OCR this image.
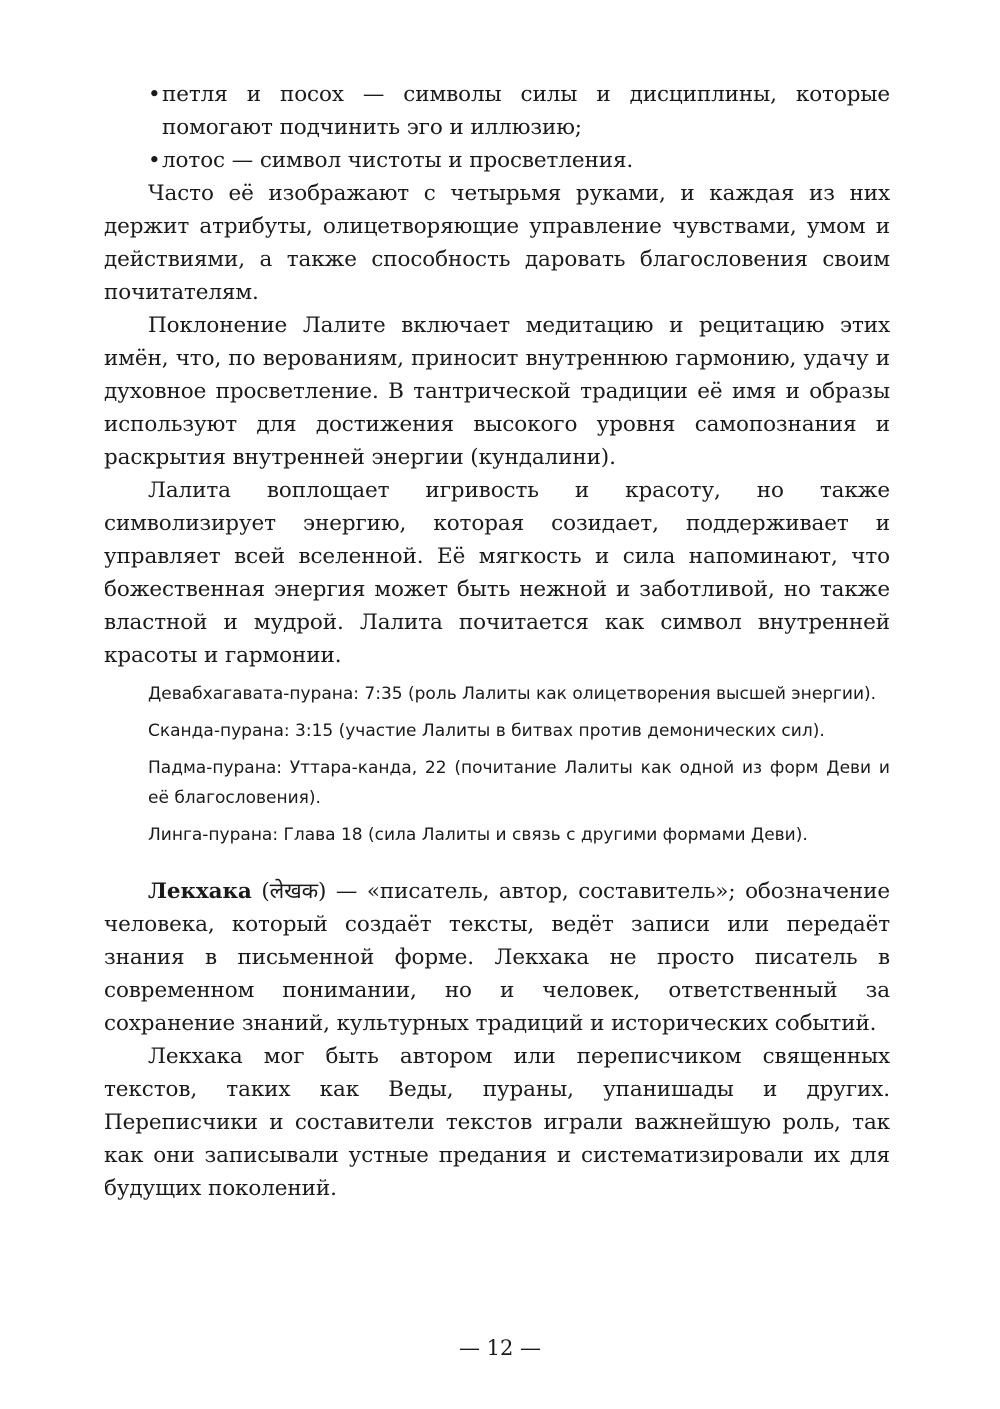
• петля и посох — символы силы и дисциплины, которые помогают подчинить эго и иллюзию;
• лотос — символ чистоты и просветления.

Часто её изображают с четырьмя руками, и каждая из них держит атрибуты, олицетворяющие управление чувствами, умом и действиями, а также способность даровать благословения своим почитателям.

Поклонение Лалите включает медитацию и рецитацию этих имён, что, по верованиям, приносит внутреннюю гармонию, удачу и духовное просветление. В тантрической традиции её имя и образы используют для достижения высокого уровня самопознания и раскрытия внутренней энергии (кундалини).

Лалита воплощает игривость и красоту, но также символизирует энергию, которая созидает, поддерживает и управляет всей вселенной. Её мягкость и сила напоминают, что божественная энергия может быть нежной и заботливой, но также властной и мудрой. Лалита почитается как символ внутренней красоты и гармонии.

Девабхагавата-пурана: 7:35 (роль Лалиты как олицетворения высшей энергии).

Сканда-пурана: 3:15 (участие Лалиты в битвах против демонических сил).

Падма-пурана: Уттара-канда, 22 (почитание Лалиты как одной из форм Деви и её благословения).

Линга-пурана: Глава 18 (сила Лалиты и связь с другими формами Деви).

Лекхака (लेखक) — «писатель, автор, составитель»; обозначение человека, который создаёт тексты, ведёт записи или передаёт знания в письменной форме. Лекхака не просто писатель в современном понимании, но и человек, ответственный за сохранение знаний, культурных традиций и исторических событий.

Лекхака мог быть автором или переписчиком священных текстов, таких как Веды, пураны, упанишады и других. Переписчики и составители текстов играли важнейшую роль, так как они записывали устные предания и систематизировали их для будущих поколений.

— 12 —
